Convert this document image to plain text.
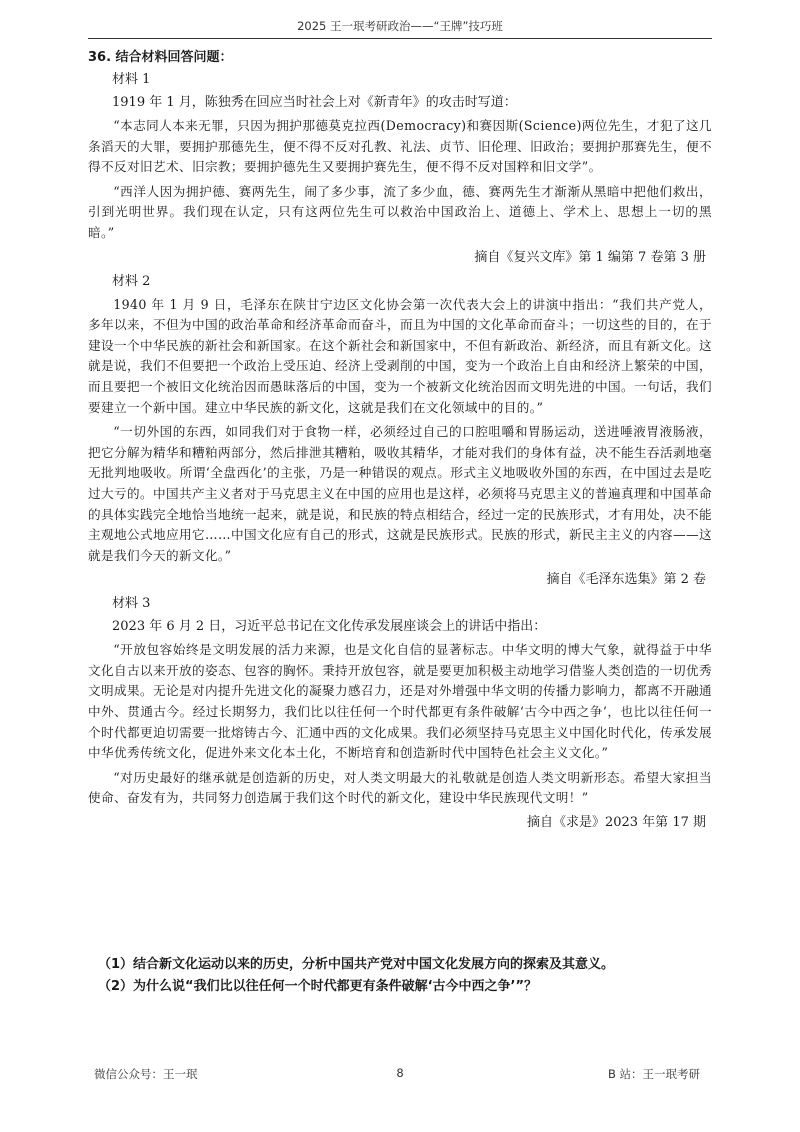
2025 王一珉考研政治——“王牌”技巧班
36. 结合材料回答问题：
材料 1
1919 年 1 月，陈独秀在回应当时社会上对《新青年》的攻击时写道：

“本志同人本来无罪，只因为拥护那德莫克拉西(Democracy)和赛因斯(Science)两位先生，才犯了这几条滔天的大罪，要拥护那德先生，便不得不反对孔教、礼法、贞节、旧伦理、旧政治；要拥护那赛先生，便不得不反对旧艺术、旧宗教；要拥护德先生又要拥护赛先生，便不得不反对国粹和旧文学”。

“西洋人因为拥护德、赛两先生，闹了多少事，流了多少血，德、赛两先生才渐渐从黑暗中把他们救出，引到光明世界。我们现在认定，只有这两位先生可以救治中国政治上、道德上、学术上、思想上一切的黑暗。”

摘自《复兴文库》第 1 编第 7 卷第 3 册
材料 2

1940 年 1 月 9 日，毛泽东在陕甘宁边区文化协会第一次代表大会上的讲演中指出：“我们共产党人，多年以来，不但为中国的政治革命和经济革命而奋斗，而且为中国的文化革命而奋斗；一切这些的目的，在于建设一个中华民族的新社会和新国家。在这个新社会和新国家中，不但有新政治、新经济，而且有新文化。这就是说，我们不但要把一个政治上受压迫、经济上受剥削的中国，变为一个政治上自由和经济上繁荣的中国，而且要把一个被旧文化统治因而愚昧落后的中国，变为一个被新文化统治因而文明先进的中国。一句话，我们要建立一个新中国。建立中华民族的新文化，这就是我们在文化领域中的目的。”

“一切外国的东西，如同我们对于食物一样，必须经过自己的口腔咀嚼和胃肠运动，送进唾液胃液肠液，把它分解为精华和糟粕两部分，然后排泄其糟粕，吸收其精华，才能对我们的身体有益，决不能生吞活剥地毫无批判地吸收。所谓‘全盘西化’的主张，乃是一种错误的观点。形式主义地吸收外国的东西，在中国过去是吃过大亏的。中国共产主义者对于马克思主义在中国的应用也是这样，必须将马克思主义的普遍真理和中国革命的具体实践完全地恰当地统一起来，就是说，和民族的特点相结合，经过一定的民族形式，才有用处，决不能主观地公式地应用它……中国文化应有自己的形式，这就是民族形式。民族的形式，新民主主义的内容——这就是我们今天的新文化。”

摘自《毛泽东选集》第 2 卷
材料 3
2023 年 6 月 2 日，习近平总书记在文化传承发展座谈会上的讲话中指出：

“开放包容始终是文明发展的活力来源，也是文化自信的显著标志。中华文明的博大气象，就得益于中华文化自古以来开放的姿态、包容的胸怀。秉持开放包容，就是要更加积极主动地学习借鉴人类创造的一切优秀文明成果。无论是对内提升先进文化的凝聚力感召力，还是对外增强中华文明的传播力影响力，都离不开融通中外、贯通古今。经过长期努力，我们比以往任何一个时代都更有条件破解‘古今中西之争’，也比以往任何一个时代都更迫切需要一批熔铸古今、汇通中西的文化成果。我们必须坚持马克思主义中国化时代化，传承发展中华优秀传统文化，促进外来文化本土化，不断培育和创造新时代中国特色社会主义文化。”

“对历史最好的继承就是创造新的历史，对人类文明最大的礼敬就是创造人类文明新形态。希望大家担当使命、奋发有为，共同努力创造属于我们这个时代的新文化，建设中华民族现代文明！”

摘自《求是》2023 年第 17 期
（1）结合新文化运动以来的历史，分析中国共产党对中国文化发展方向的探索及其意义。
（2）为什么说“我们比以往任何一个时代都更有条件破解‘古今中西之争’”？
微信公众号：王一珉	8	B 站：王一珉考研
